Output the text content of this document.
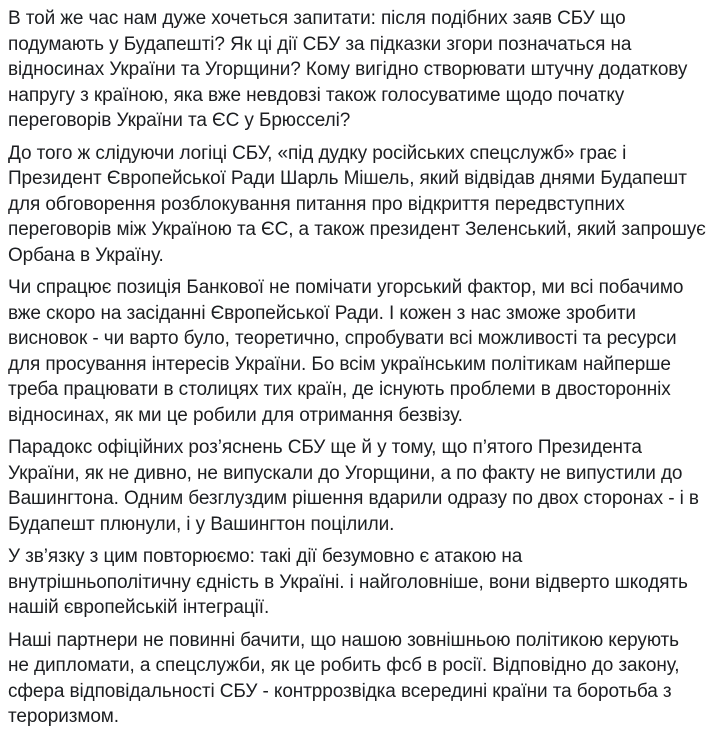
В той же час нам дуже хочеться запитати: після подібних заяв СБУ що
подумають у Будапешті? Як ці дії СБУ за підказки згори позначаться на
відносинах України та Угорщини? Кому вигідно створювати штучну додаткову
напругу з країною, яка вже невдовзі також голосуватиме щодо початку
переговорів України та ЄС у Брюсселі?

До того ж слідуючи логіці СБУ, «під дудку російських спецслужб» грає і
Президент Європейської Ради Шарль Мішель, який відвідав днями Будапешт
для обговорення розблокування питання про відкриття передвступних
переговорів між Україною та ЄС, а також президент Зеленський, який запрошує
Орбана в Україну.

Чи спрацює позиція Банкової не помічати угорський фактор, ми всі побачимо
вже скоро на засіданні Європейської Ради. І кожен з нас зможе зробити
висновок - чи варто було, теоретично, спробувати всі можливості та ресурси
для просування інтересів України. Бо всім українським політикам найперше
треба працювати в столицях тих країн, де існують проблеми в двосторонніх
відносинах, як ми це робили для отримання безвізу.

Парадокс офіційних роз’яснень СБУ ще й у тому, що п’ятого Президента
України, як не дивно, не випускали до Угорщини, а по факту не випустили до
Вашингтона. Одним безглуздим рішення вдарили одразу по двох сторонах - і в
Будапешт плюнули, і у Вашингтон поцілили.

У зв’язку з цим повторюємо: такі дії безумовно є атакою на
внутрішньополітичну єдність в Україні. і найголовніше, вони відверто шкодять
нашій європейській інтеграції.

Наші партнери не повинні бачити, що нашою зовнішньою політикою керують
не дипломати, а спецслужби, як це робить фсб в росії. Відповідно до закону,
сфера відповідальності СБУ - контррозвідка всередині країни та боротьба з
тероризмом.
